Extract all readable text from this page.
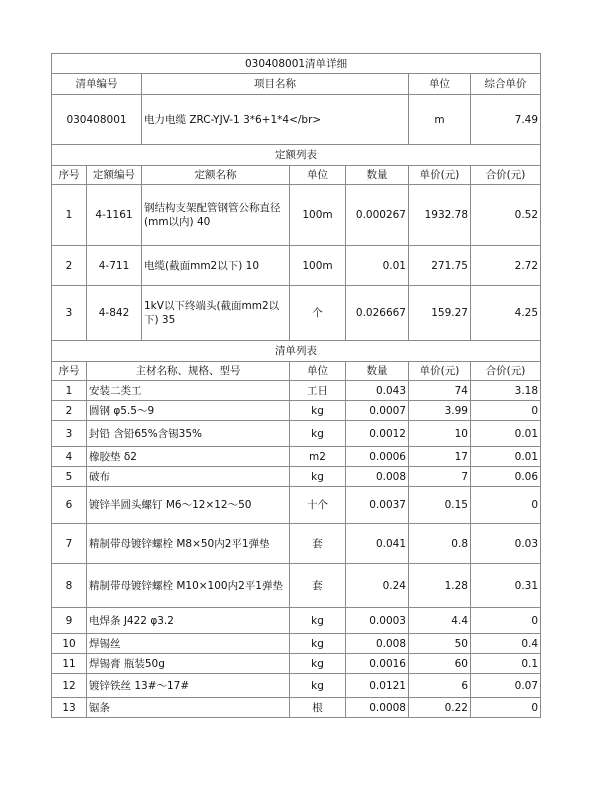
030408001清单详细						
清单编号		项目名称			单位	综合单价
030408001		电力电缆 ZRC-YJV-1 3*6+1*4</br>			m	7.49
定额列表						
序号	定额编号	定额名称	单位	数量	单价(元)	合价(元)
1	4-1161	钢结构支架配管钢管公称直径(mm以内) 40	100m	0.000267	1932.78	0.52
2	4-711	电缆(截面mm2以下) 10	100m	0.01	271.75	2.72
3	4-842	1kV以下终端头(截面mm2以下) 35	个	0.026667	159.27	4.25
清单列表						
序号	主材名称、规格、型号		单位	数量	单价(元)	合价(元)
1	安装二类工		工日	0.043	74	3.18
2	圆钢 φ5.5～9		kg	0.0007	3.99	0
3	封铅 含铅65%含锡35%		kg	0.0012	10	0.01
4	橡胶垫 δ2		m2	0.0006	17	0.01
5	破布		kg	0.008	7	0.06
6	镀锌半圆头螺钉 M6～12×12～50		十个	0.0037	0.15	0
7	精制带母镀锌螺栓 M8×50内2平1弹垫		套	0.041	0.8	0.03
8	精制带母镀锌螺栓 M10×100内2平1弹垫		套	0.24	1.28	0.31
9	电焊条 J422 φ3.2		kg	0.0003	4.4	0
10	焊锡丝		kg	0.008	50	0.4
11	焊锡膏 瓶装50g		kg	0.0016	60	0.1
12	镀锌铁丝 13#～17#		kg	0.0121	6	0.07
13	锯条		根	0.0008	0.22	0
